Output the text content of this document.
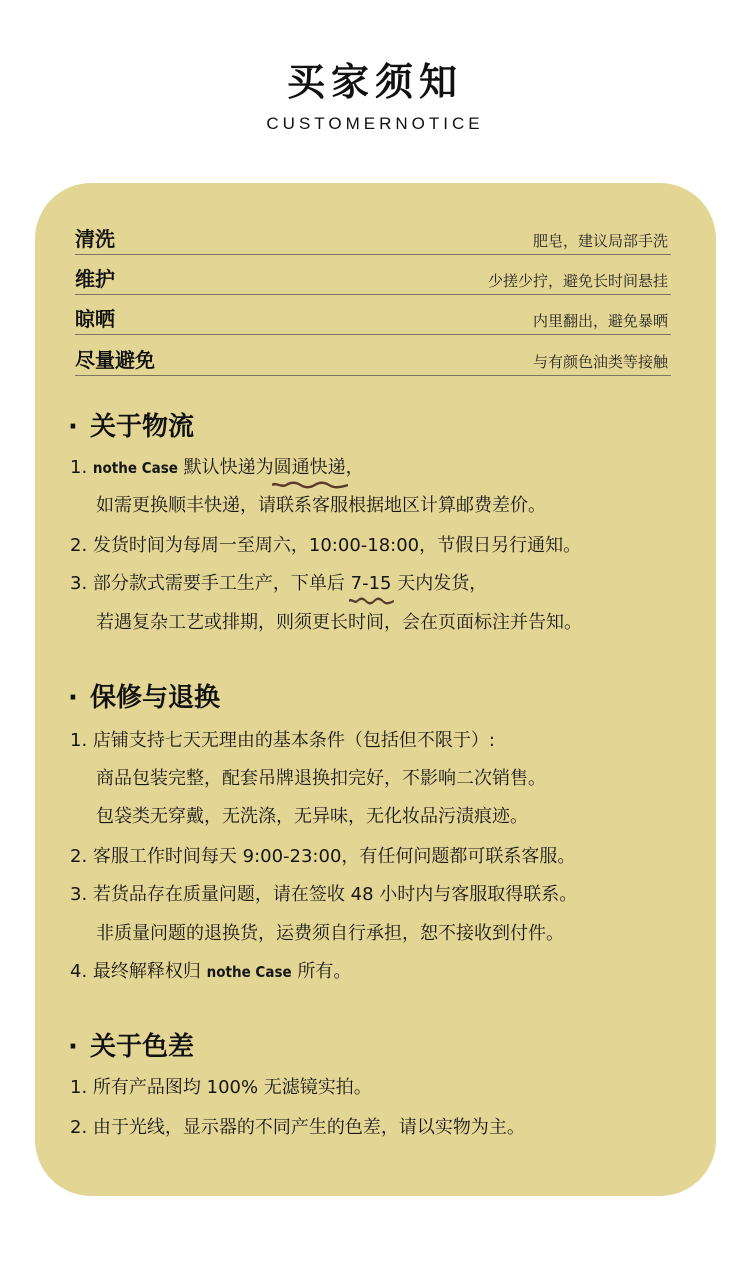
买家须知
CUSTOMERNOTICE
清洗	肥皂，建议局部手洗
维护	少搓少拧，避免长时间悬挂
晾晒	内里翻出，避免暴晒
尽量避免	与有颜色油类等接触
· 关于物流
1. nothe Case 默认快递为圆通快递
，
如需更换顺丰快递，请联系客服根据地区计算邮费差价。
2. 发货时间为每周一至周六，10:00-18:00，节假日另行通知。
3. 部分款式需要手工生产，下单后 7-15 天内发货，
若遇复杂工艺或排期，则须更长时间，会在页面标注并告知。
· 保修与退换
1. 店铺支持七天无理由的基本条件（包括但不限于）:
商品包装完整，配套吊牌退换扣完好，不影响二次销售。
包袋类无穿戴，无洗涤，无异味，无化妆品污渍痕迹。
2. 客服工作时间每天 9:00-23:00，有任何问题都可联系客服。
3. 若货品存在质量问题，请在签收 48 小时内与客服取得联系。
非质量问题的退换货，运费须自行承担，恕不接收到付件。
4. 最终解释权归 nothe Case 所有。
· 关于色差
1. 所有产品图均 100% 无滤镜实拍。
2. 由于光线，显示器的不同产生的色差，请以实物为主。
